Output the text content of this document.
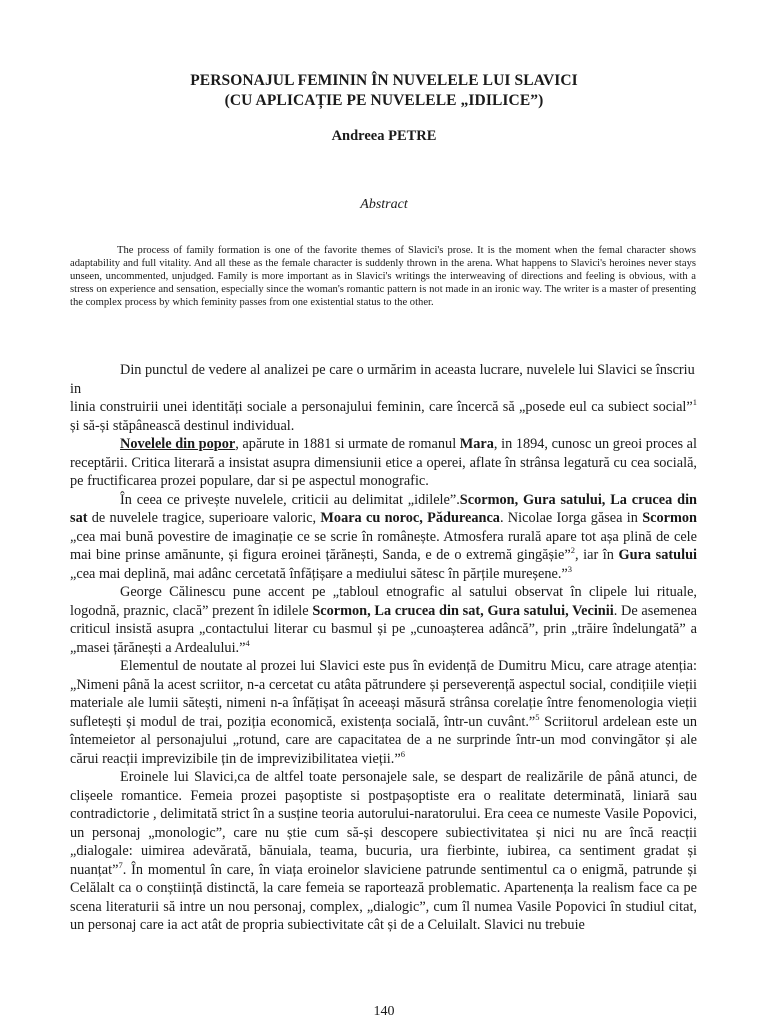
PERSONAJUL FEMININ ÎN NUVELELE LUI SLAVICI
(CU APLICAȚIE PE NUVELELE „IDILICE”)
Andreea PETRE
Abstract
The process of family formation is one of the favorite themes of Slavici's prose. It is the moment when the femal character shows adaptability and full vitality. And all these as the female character is suddenly thrown in the arena. What happens to Slavici's heroines never stays unseen, uncommented, unjudged. Family is more important as in Slavici's writings the interweaving of directions and feeling is obvious, with a stress on experience and sensation, especially since the woman's romantic pattern is not made in an ironic way. The writer is a master of presenting the complex process by which feminity passes from one existential status to the other.

Din punctul de vedere al analizei pe care o urmărim in aceasta lucrare, nuvelele lui Slavici se înscriu in

linia construirii unei identități sociale a personajului feminin, care încercă să „posede eul ca subiect social”$^1$ și să-și stăpânească destinul individual.

Novelele din popor, apărute in 1881 si urmate de romanul Mara, in 1894, cunosc un greoi proces al receptării. Critica literară a insistat asupra dimensiunii etice a operei, aflate în strânsa legatură cu cea socială, pe fructificarea prozei populare, dar si pe aspectul monografic.

În ceea ce privește nuvelele, criticii au delimitat „idilele”.Scormon, Gura satului, La crucea din sat de nuvelele tragice, superioare valoric, Moara cu noroc, Pădureanca. Nicolae Iorga găsea in Scormon „cea mai bună povestire de imaginație ce se scrie în românește. Atmosfera rurală apare tot așa plină de cele mai bine prinse amănunte, și figura eroinei țărănești, Sanda, e de o extremă gingășie”$^2$, iar în Gura satului „cea mai deplină, mai adânc cercetată înfățișare a mediului sătesc în părțile mureșene.”$^3$

George Călinescu pune accent pe „tabloul etnografic al satului observat în clipele lui rituale, logodnă, praznic, clacă” prezent în idilele Scormon, La crucea din sat, Gura satului, Vecinii. De asemenea criticul insistă asupra „contactului literar cu basmul și pe „cunoașterea adâncă”, prin „trăire îndelungată” a „masei țărănești a Ardealului.”$^4$

Elementul de noutate al prozei lui Slavici este pus în evidență de Dumitru Micu, care atrage atenția: „Nimeni până la acest scriitor, n-a cercetat cu atâta pătrundere și perseverență aspectul social, condițiile vieții materiale ale lumii sătești, nimeni n-a înfățișat în aceeași măsură strânsa corelație între fenomenologia vieții sufletești și modul de trai, poziția economică, existența socială, într-un cuvânt.”$^5$ Scriitorul ardelean este un întemeietor al personajului „rotund, care are capacitatea de a ne surprinde într-un mod convingător și ale cărui reacții imprevizibile țin de imprevizibilitatea vieții.”$^6$

Eroinele lui Slavici,ca de altfel toate personajele sale, se despart de realizările de până atunci, de clișeele romantice. Femeia prozei pașoptiste si postpașoptiste era o realitate determinată, liniară sau contradictorie , delimitată strict în a susține teoria autorului-naratorului. Era ceea ce numeste Vasile Popovici, un personaj „monologic”, care nu știe cum să-și descopere subiectivitatea și nici nu are încă reacții „dialogale: uimirea adevărată, bănuiala, teama, bucuria, ura fierbinte, iubirea, ca sentiment gradat și nuanțat”$^7$. În momentul în care, în viața eroinelor slaviciene patrunde sentimentul ca o enigmă, patrunde și Celălalt ca o conștiință distinctă, la care femeia se raportează problematic. Apartenența la realism face ca pe scena literaturii să intre un nou personaj, complex, „dialogic”, cum îl numea Vasile Popovici în studiul citat, un personaj care ia act atât de propria subiectivitate cât și de a Celuilalt. Slavici nu trebuie

140
